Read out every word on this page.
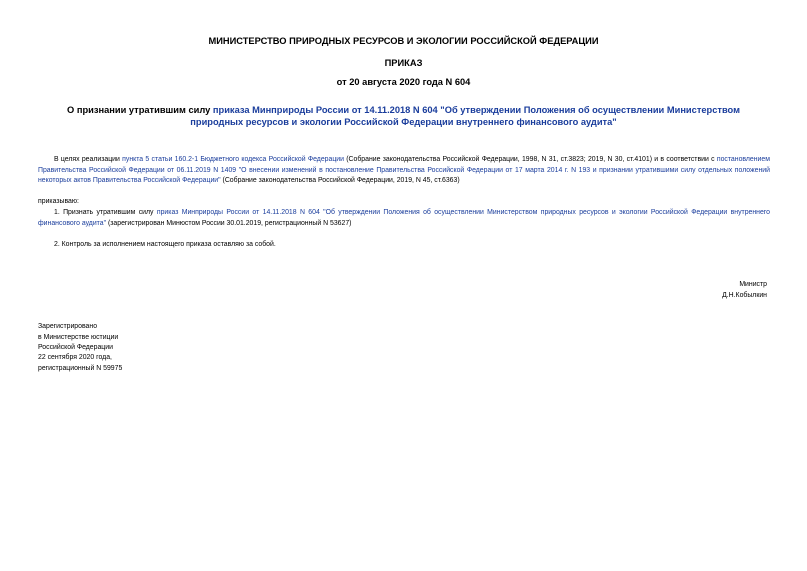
МИНИСТЕРСТВО ПРИРОДНЫХ РЕСУРСОВ И ЭКОЛОГИИ РОССИЙСКОЙ ФЕДЕРАЦИИ
ПРИКАЗ
от 20 августа 2020 года N 604
О признании утратившим силу приказа Минприроды России от 14.11.2018 N 604 "Об утверждении Положения об осуществлении Министерством природных ресурсов и экологии Российской Федерации внутреннего финансового аудита"
В целях реализации пункта 5 статьи 160.2-1 Бюджетного кодекса Российской Федерации (Собрание законодательства Российской Федерации, 1998, N 31, ст.3823; 2019, N 30, ст.4101) и в соответствии с постановлением Правительства Российской Федерации от 06.11.2019 N 1409 "О внесении изменений в постановление Правительства Российской Федерации от 17 марта 2014 г. N 193 и признании утратившими силу отдельных положений некоторых актов Правительства Российской Федерации" (Собрание законодательства Российской Федерации, 2019, N 45, ст.6363)
приказываю:
1. Признать утратившим силу приказ Минприроды России от 14.11.2018 N 604 "Об утверждении Положения об осуществлении Министерством природных ресурсов и экологии Российской Федерации внутреннего финансового аудита" (зарегистрирован Минюстом России 30.01.2019, регистрационный N 53627)
2. Контроль за исполнением настоящего приказа оставляю за собой.
Министр
Д.Н.Кобылкин
Зарегистрировано
в Министерстве юстиции
Российской Федерации
22 сентября 2020 года,
регистрационный N 59975
